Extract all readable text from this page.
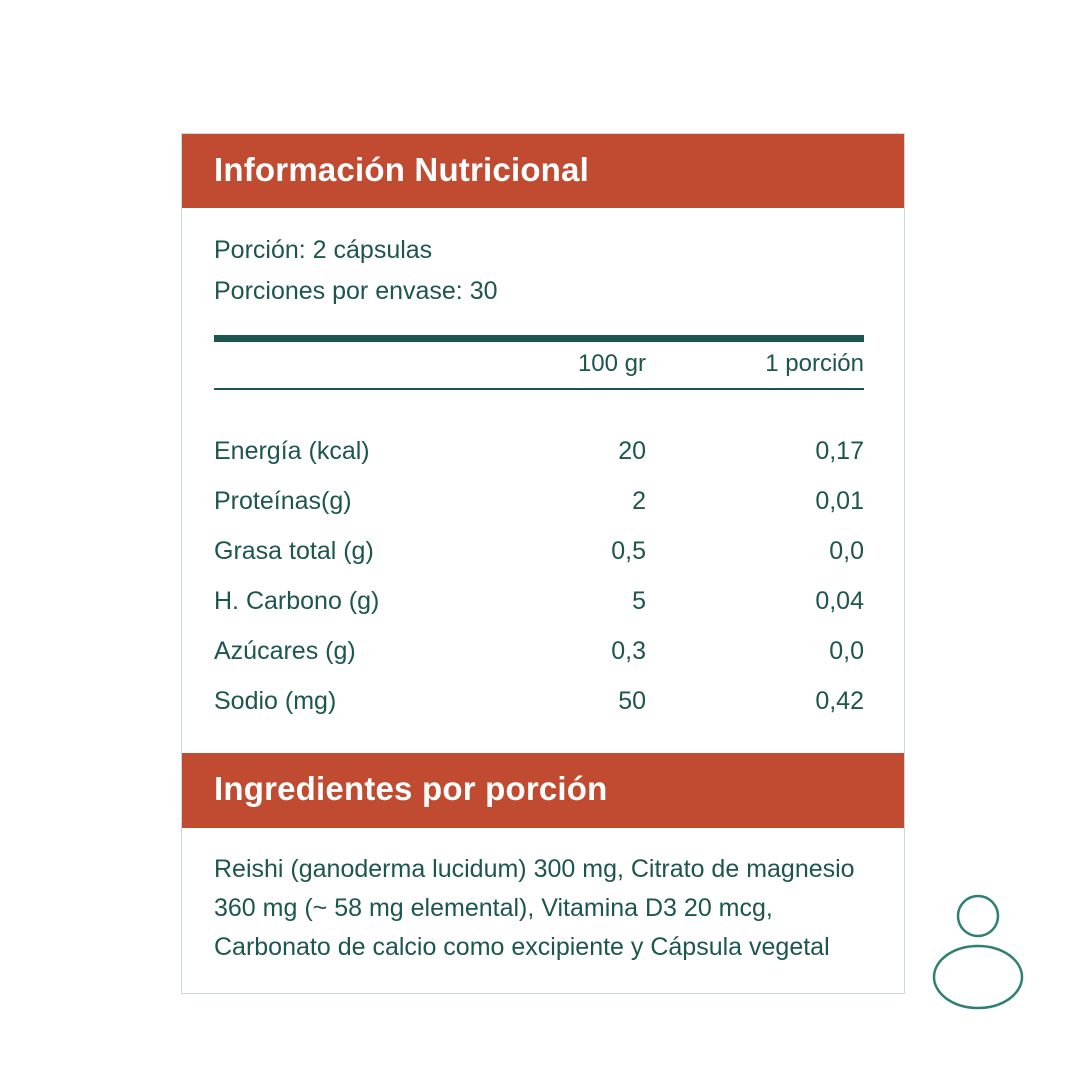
Información Nutricional
Porción: 2 cápsulas
Porciones por envase: 30
	100 gr	1 porción

Energía (kcal)	20	0,17
Proteínas(g)	2	0,01
Grasa total (g)	0,5	0,0
H. Carbono (g)	5	0,04
Azúcares (g)	0,3	0,0
Sodio (mg)	50	0,42
Ingredientes por porción
Reishi (ganoderma lucidum) 300 mg, Citrato de magnesio 360 mg (~ 58 mg elemental), Vitamina D3 20 mcg, Carbonato de calcio como excipiente y Cápsula vegetal
